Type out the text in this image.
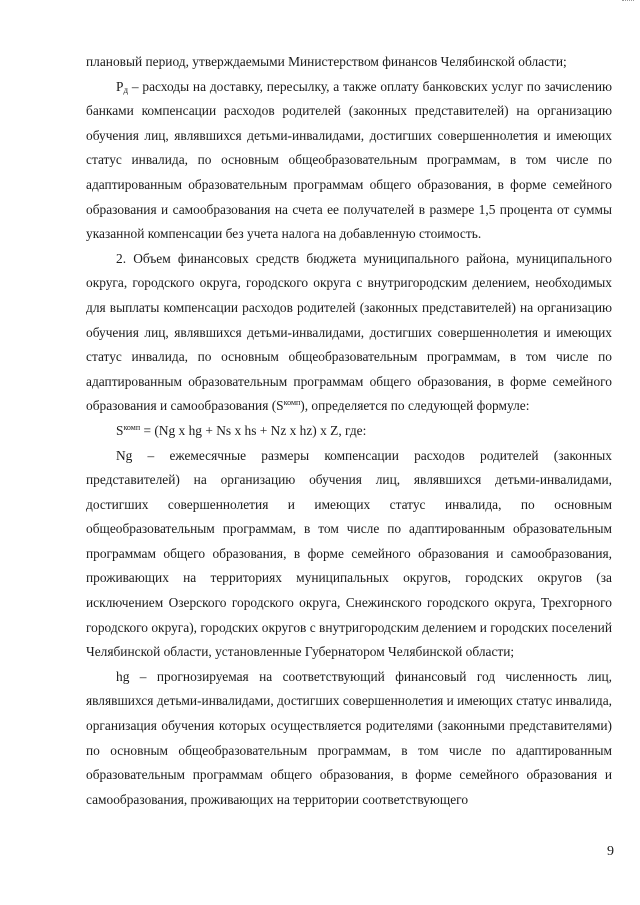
плановый период, утверждаемыми Министерством финансов Челябинской области;

$Р_д$ – расходы на доставку, пересылку, а также оплату банковских услуг по зачислению банками компенсации расходов родителей (законных представителей) на организацию обучения лиц, являвшихся детьми-инвалидами, достигших совершеннолетия и имеющих статус инвалида, по основным общеобразовательным программам, в том числе по адаптированным образовательным программам общего образования, в форме семейного образования и самообразования на счета ее получателей в размере 1,5 процента от суммы указанной компенсации без учета налога на добавленную стоимость.

2. Объем финансовых средств бюджета муниципального района, муниципального округа, городского округа, городского округа с внутригородским делением, необходимых для выплаты компенсации расходов родителей (законных представителей) на организацию обучения лиц, являвшихся детьми-инвалидами, достигших совершеннолетия и имеющих статус инвалида, по основным общеобразовательным программам, в том числе по адаптированным образовательным программам общего образования, в форме семейного образования и самообразования $(S^{комп})$, определяется по следующей формуле:

$S^{комп} = (Ng$ x hg + Ns x hs + Nz x hz) x Z, где:

Ng – ежемесячные размеры компенсации расходов родителей (законных представителей) на организацию обучения лиц, являвшихся детьми-инвалидами, достигших совершеннолетия и имеющих статус инвалида, по основным общеобразовательным программам, в том числе по адаптированным образовательным программам общего образования, в форме семейного образования и самообразования, проживающих на территориях муниципальных округов, городских округов (за исключением Озерского городского округа, Снежинского городского округа, Трехгорного городского округа), городских округов с внутригородским делением и городских поселений Челябинской области, установленные Губернатором Челябинской области;

hg – прогнозируемая на соответствующий финансовый год численность лиц, являвшихся детьми-инвалидами, достигших совершеннолетия и имеющих статус инвалида, организация обучения которых осуществляется родителями (законными представителями) по основным общеобразовательным программам, в том числе по адаптированным образовательным программам общего образования, в форме семейного образования и самообразования, проживающих на территории соответствующего

9
